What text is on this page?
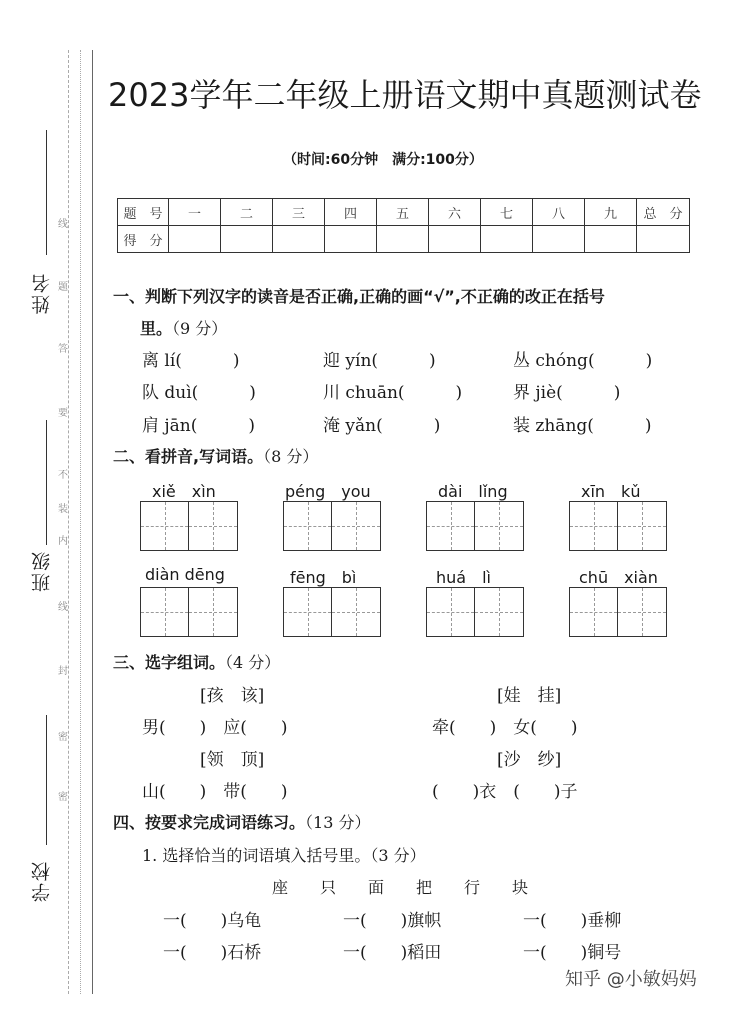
姓名
班级
学校
线
题
答
要
不
装
内
线
封
密
密
2023学年二年级上册语文期中真题测试卷
（时间:60分钟　满分:100分）
题　号	一	二	三	四	五	六	七	八	九	总　分
得　分										
一、判断下列汉字的读音是否正确,正确的画“√”,不正确的改正在括号
里。（9 分）
离 lí(　　　)	迎 yín(　　　)	丛 chóng(　　　)
队 duì(　　　)	川 chuān(　　　)	界 jiè(　　　)
肩 jān(　　　)	淹 yǎn(　　　)	装 zhāng(　　　)
二、看拼音,写词语。（8 分）
xiě　xìn	péng　you	dài　lǐng	xīn　kǔ
diàn dēng	fēng　bì	huá　lì	chū　xiàn
三、选字组词。（4 分）
[孩　该]	[娃　挂]
男(　　)　应(　　)	牵(　　)　女(　　)
[领　顶]	[沙　纱]
山(　　)　带(　　)	(　　)衣　(　　)子
四、按要求完成词语练习。（13 分）
1. 选择恰当的词语填入括号里。（3 分）
座　　只　　面　　把　　行　　块
一(　　)乌龟	一(　　)旗帜	一(　　)垂柳
一(　　)石桥	一(　　)稻田	一(　　)铜号
知乎 @小敏妈妈
